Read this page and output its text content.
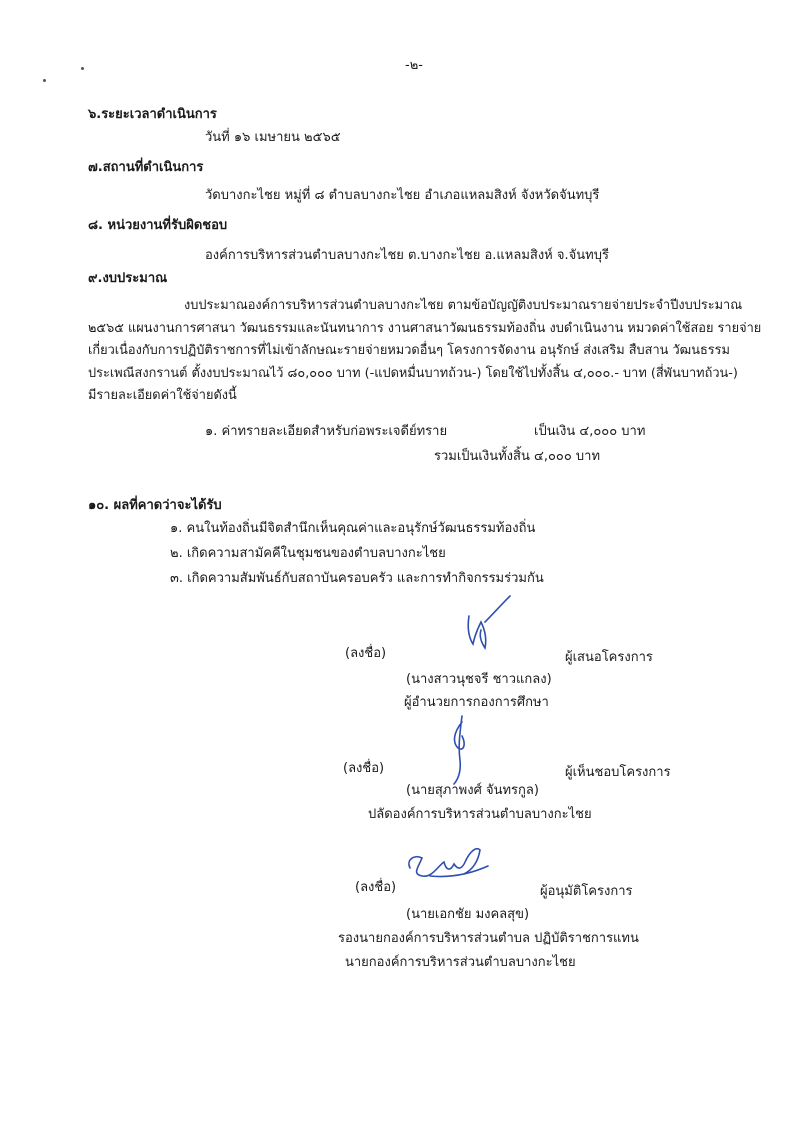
-๒-
๖.ระยะเวลาดำเนินการ
วันที่ ๑๖ เมษายน ๒๕๖๕
๗.สถานที่ดำเนินการ
วัดบางกะไชย หมู่ที่ ๘ ตำบลบางกะไชย อำเภอแหลมสิงห์ จังหวัดจันทบุรี
๘. หน่วยงานที่รับผิดชอบ
องค์การบริหารส่วนตำบลบางกะไชย ต.บางกะไชย อ.แหลมสิงห์ จ.จันทบุรี
๙.งบประมาณ
งบประมาณองค์การบริหารส่วนตำบลบางกะไชย ตามข้อบัญญัติงบประมาณรายจ่ายประจำปีงบประมาณ
๒๕๖๕ แผนงานการศาสนา วัฒนธรรมและนันทนาการ งานศาสนาวัฒนธรรมท้องถิ่น งบดำเนินงาน หมวดค่าใช้สอย รายจ่าย
เกี่ยวเนื่องกับการปฏิบัติราชการที่ไม่เข้าลักษณะรายจ่ายหมวดอื่นๆ โครงการจัดงาน อนุรักษ์ ส่งเสริม สืบสาน วัฒนธรรม
ประเพณีสงกรานต์ ตั้งงบประมาณไว้ ๘๐,๐๐๐ บาท (-แปดหมื่นบาทถ้วน-) โดยใช้ไปทั้งสิ้น ๔,๐๐๐.- บาท (สี่พันบาทถ้วน-)
มีรายละเอียดค่าใช้จ่ายดังนี้
๑. ค่าทรายละเอียดสำหรับก่อพระเจดีย์ทราย	เป็นเงิน ๔,๐๐๐ บาท
รวมเป็นเงินทั้งสิ้น ๔,๐๐๐ บาท
๑๐. ผลที่คาดว่าจะได้รับ
๑. คนในท้องถิ่นมีจิตสำนึกเห็นคุณค่าและอนุรักษ์วัฒนธรรมท้องถิ่น
๒. เกิดความสามัคคีในชุมชนของตำบลบางกะไชย
๓. เกิดความสัมพันธ์กับสถาบันครอบครัว และการทำกิจกรรมร่วมกัน
(ลงชื่อ)	ผู้เสนอโครงการ
(นางสาวนุชจรี ชาวแกลง)
ผู้อำนวยการกองการศึกษา
(ลงชื่อ)	ผู้เห็นชอบโครงการ
(นายสุภาพงศ์ จันทรกูล)
ปลัดองค์การบริหารส่วนตำบลบางกะไชย
(ลงชื่อ)	ผู้อนุมัติโครงการ
(นายเอกชัย มงคลสุข)
รองนายกองค์การบริหารส่วนตำบล ปฏิบัติราชการแทน
นายกองค์การบริหารส่วนตำบลบางกะไชย
